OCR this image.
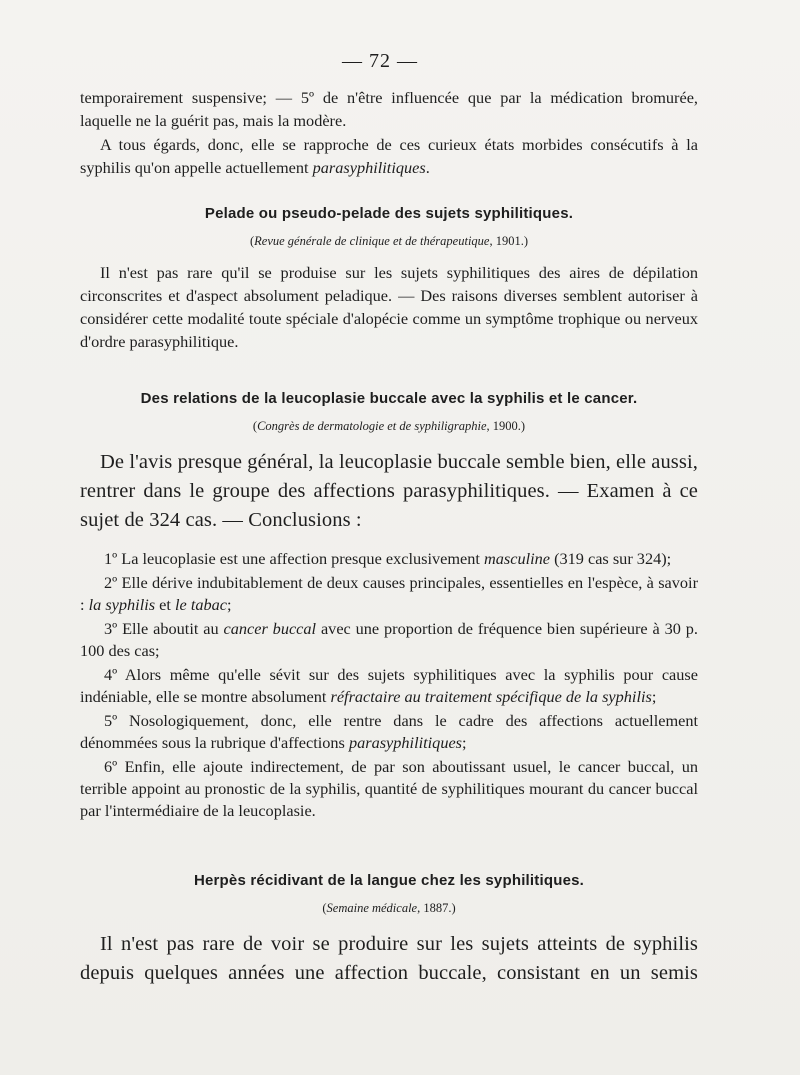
— 72 —

temporairement suspensive; — 5º de n'être influencée que par la médication bromurée, laquelle ne la guérit pas, mais la modère.

A tous égards, donc, elle se rapproche de ces curieux états morbides consécutifs à la syphilis qu'on appelle actuellement parasyphilitiques.

Pelade ou pseudo-pelade des sujets syphilitiques.
(Revue générale de clinique et de thérapeutique, 1901.)

Il n'est pas rare qu'il se produise sur les sujets syphilitiques des aires de dépilation circonscrites et d'aspect absolument peladique. — Des raisons diverses semblent autoriser à considérer cette modalité toute spéciale d'alopécie comme un symptôme trophique ou nerveux d'ordre parasyphilitique.

Des relations de la leucoplasie buccale avec la syphilis et le cancer.
(Congrès de dermatologie et de syphiligraphie, 1900.)

De l'avis presque général, la leucoplasie buccale semble bien, elle aussi, rentrer dans le groupe des affections parasyphilitiques. — Examen à ce sujet de 324 cas. — Conclusions :

1º La leucoplasie est une affection presque exclusivement masculine (319 cas sur 324);

2º Elle dérive indubitablement de deux causes principales, essentielles en l'espèce, à savoir : la syphilis et le tabac;

3º Elle aboutit au cancer buccal avec une proportion de fréquence bien supérieure à 30 p. 100 des cas;

4º Alors même qu'elle sévit sur des sujets syphilitiques avec la syphilis pour cause indéniable, elle se montre absolument réfractaire au traitement spécifique de la syphilis;

5º Nosologiquement, donc, elle rentre dans le cadre des affections actuellement dénommées sous la rubrique d'affections parasyphilitiques;

6º Enfin, elle ajoute indirectement, de par son aboutissant usuel, le cancer buccal, un terrible appoint au pronostic de la syphilis, quantité de syphilitiques mourant du cancer buccal par l'intermédiaire de la leucoplasie.

Herpès récidivant de la langue chez les syphilitiques.
(Semaine médicale, 1887.)

Il n'est pas rare de voir se produire sur les sujets atteints de syphilis depuis quelques années une affection buccale, consistant en un semis
